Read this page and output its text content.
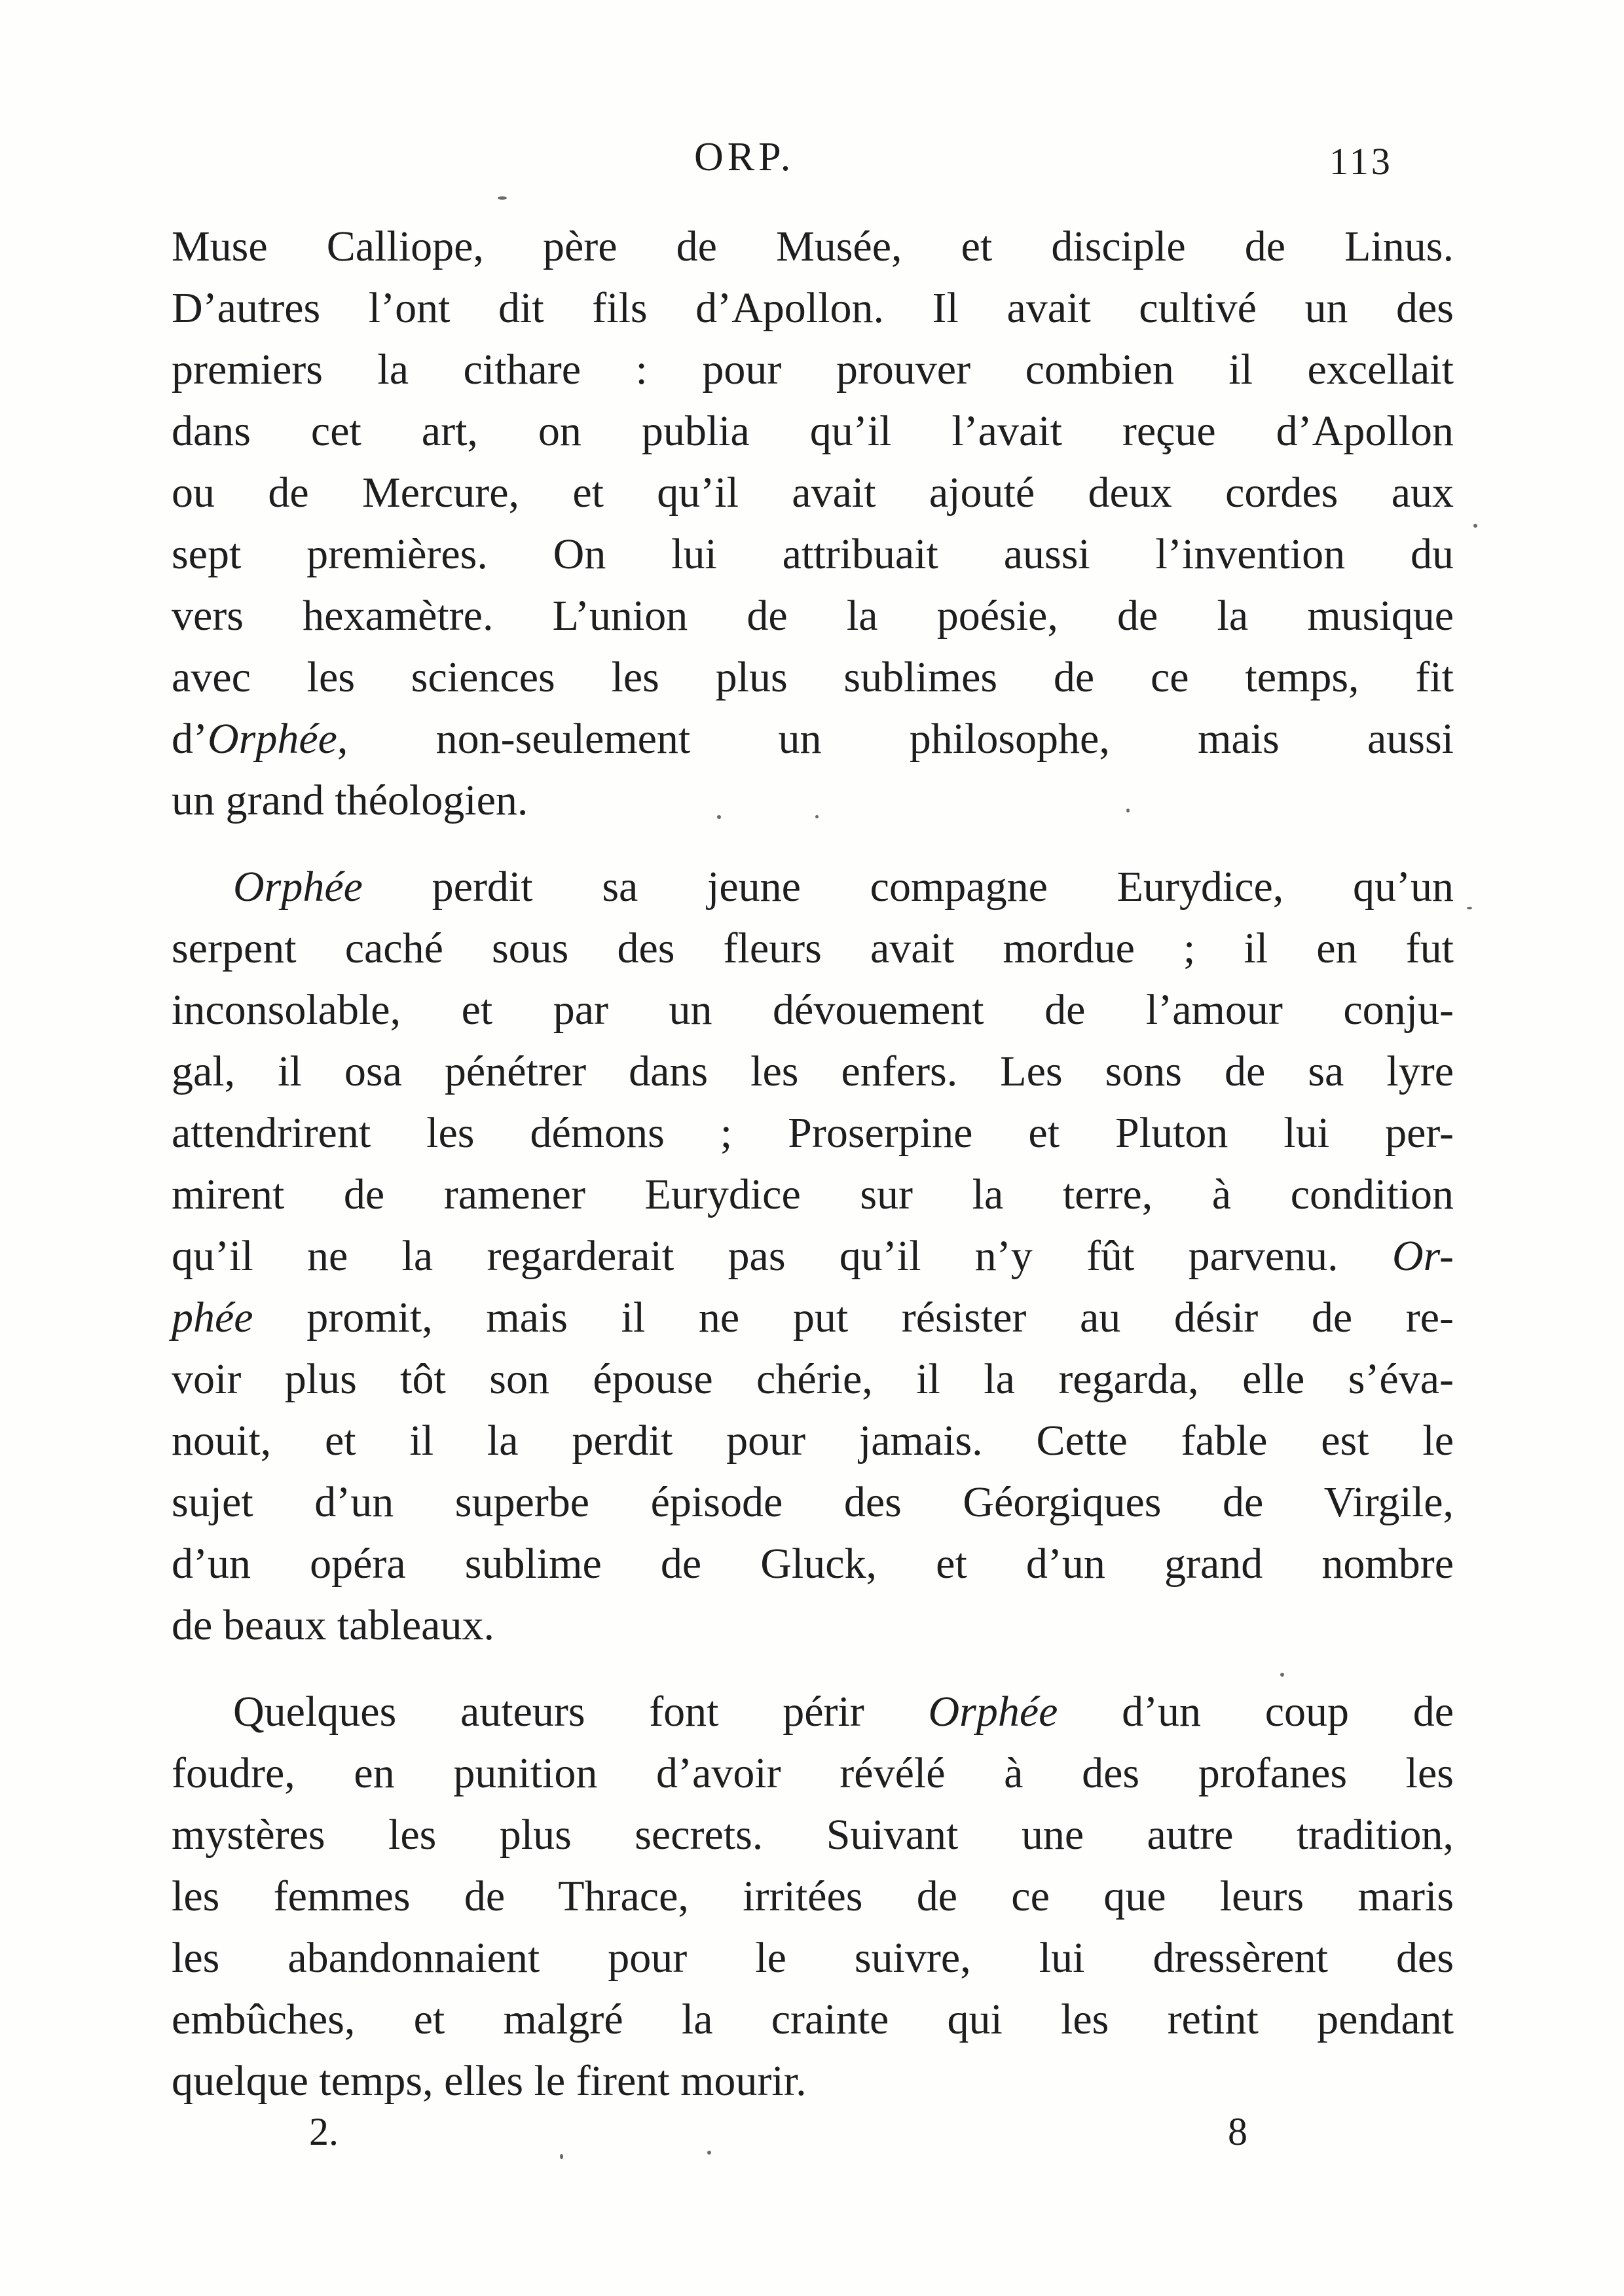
ORP.	113
Muse Calliope, père de Musée, et disciple de Linus.
D’autres l’ont dit fils d’Apollon. Il avait cultivé un des
premiers la cithare : pour prouver combien il excellait
dans cet art, on publia qu’il l’avait reçue d’Apollon
ou de Mercure, et qu’il avait ajouté deux cordes aux
sept premières. On lui attribuait aussi l’invention du
vers hexamètre. L’union de la poésie, de la musique
avec les sciences les plus sublimes de ce temps, fit
d’Orphée, non-seulement un philosophe, mais aussi
un grand théologien.
Orphée perdit sa jeune compagne Eurydice, qu’un
serpent caché sous des fleurs avait mordue ; il en fut
inconsolable, et par un dévouement de l’amour conju-
gal, il osa pénétrer dans les enfers. Les sons de sa lyre
attendrirent les démons ; Proserpine et Pluton lui per-
mirent de ramener Eurydice sur la terre, à condition
qu’il ne la regarderait pas qu’il n’y fût parvenu. Or-
phée promit, mais il ne put résister au désir de re-
voir plus tôt son épouse chérie, il la regarda, elle s’éva-
nouit, et il la perdit pour jamais. Cette fable est le
sujet d’un superbe épisode des Géorgiques de Virgile,
d’un opéra sublime de Gluck, et d’un grand nombre
de beaux tableaux.
Quelques auteurs font périr Orphée d’un coup de
foudre, en punition d’avoir révélé à des profanes les
mystères les plus secrets. Suivant une autre tradition,
les femmes de Thrace, irritées de ce que leurs maris
les abandonnaient pour le suivre, lui dressèrent des
embûches, et malgré la crainte qui les retint pendant
quelque temps, elles le firent mourir.
2.	8
